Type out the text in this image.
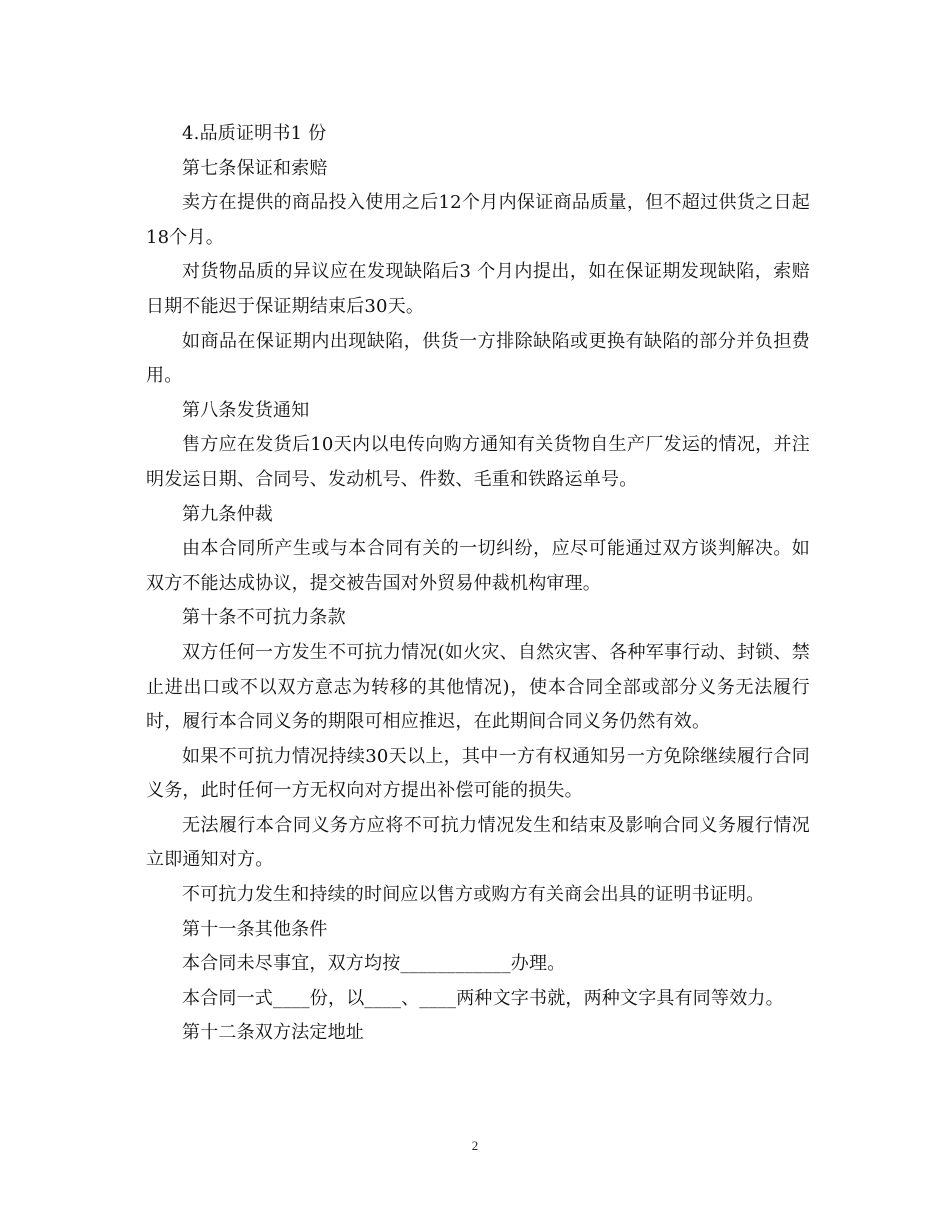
4.品质证明书1 份

第七条保证和索赔

卖方在提供的商品投入使用之后12个月内保证商品质量，但不超过供货之日起18个月。

对货物品质的异议应在发现缺陷后3 个月内提出，如在保证期发现缺陷，索赔日期不能迟于保证期结束后30天。

如商品在保证期内出现缺陷，供货一方排除缺陷或更换有缺陷的部分并负担费用。

第八条发货通知

售方应在发货后10天内以电传向购方通知有关货物自生产厂发运的情况，并注明发运日期、合同号、发动机号、件数、毛重和铁路运单号。

第九条仲裁

由本合同所产生或与本合同有关的一切纠纷，应尽可能通过双方谈判解决。如双方不能达成协议，提交被告国对外贸易仲裁机构审理。

第十条不可抗力条款

双方任何一方发生不可抗力情况(如火灾、自然灾害、各种军事行动、封锁、禁止进出口或不以双方意志为转移的其他情况)，使本合同全部或部分义务无法履行时，履行本合同义务的期限可相应推迟，在此期间合同义务仍然有效。

如果不可抗力情况持续30天以上，其中一方有权通知另一方免除继续履行合同义务，此时任何一方无权向对方提出补偿可能的损失。

无法履行本合同义务方应将不可抗力情况发生和结束及影响合同义务履行情况立即通知对方。

不可抗力发生和持续的时间应以售方或购方有关商会出具的证明书证明。

第十一条其他条件

本合同未尽事宜，双方均按____________办理。

本合同一式____份，以____、____两种文字书就，两种文字具有同等效力。

第十二条双方法定地址

2
